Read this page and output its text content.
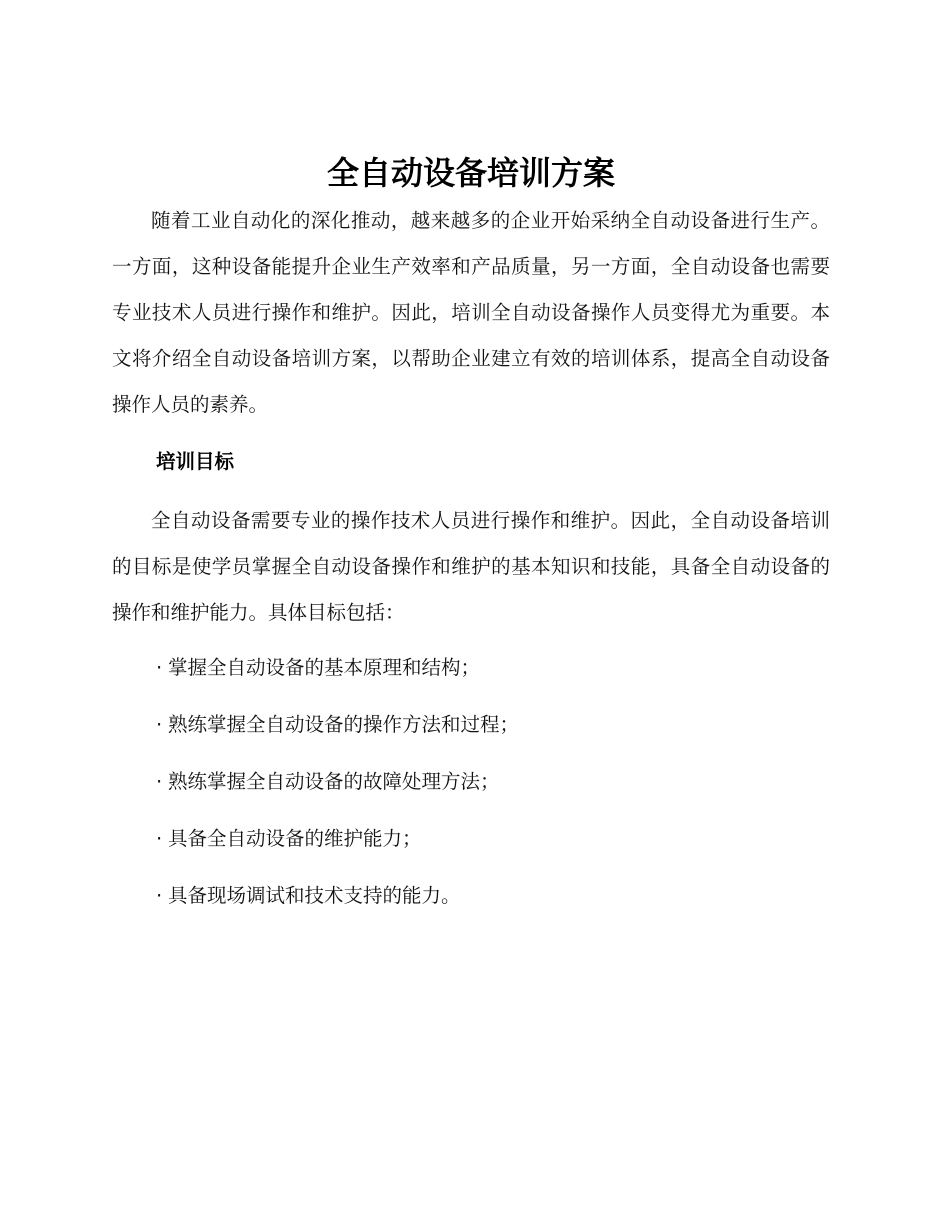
全自动设备培训方案

随着工业自动化的深化推动，越来越多的企业开始采纳全自动设备进行生产。一方面，这种设备能提升企业生产效率和产品质量，另一方面，全自动设备也需要专业技术人员进行操作和维护。因此，培训全自动设备操作人员变得尤为重要。本文将介绍全自动设备培训方案，以帮助企业建立有效的培训体系，提高全自动设备操作人员的素养。

培训目标

全自动设备需要专业的操作技术人员进行操作和维护。因此，全自动设备培训的目标是使学员掌握全自动设备操作和维护的基本知识和技能，具备全自动设备的操作和维护能力。具体目标包括：

· 掌握全自动设备的基本原理和结构；
· 熟练掌握全自动设备的操作方法和过程；
· 熟练掌握全自动设备的故障处理方法；
· 具备全自动设备的维护能力；
· 具备现场调试和技术支持的能力。
